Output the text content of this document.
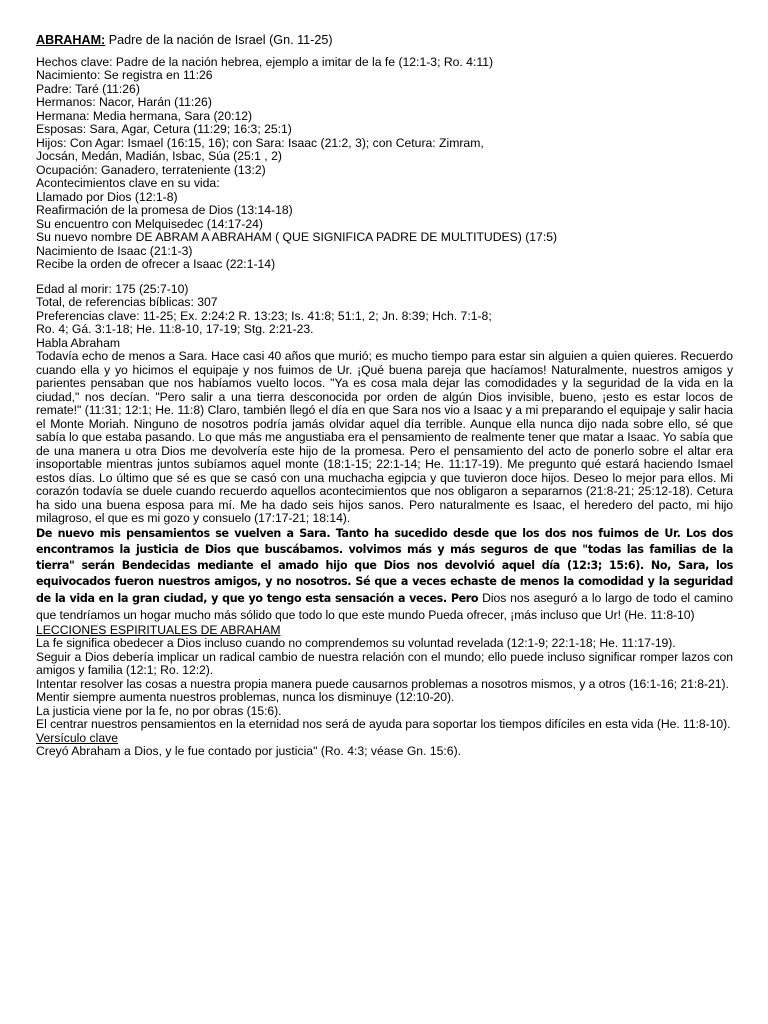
ABRAHAM: Padre de la nación de Israel (Gn. 11-25)
Hechos clave: Padre de la nación hebrea, ejemplo a imitar de la fe (12:1-3; Ro. 4:11)
Nacimiento: Se registra en 11:26
Padre: Taré (11:26)
Hermanos: Nacor, Harán (11:26)
Hermana: Media hermana, Sara (20:12)
Esposas: Sara, Agar, Cetura (11:29; 16:3; 25:1)
Hijos: Con Agar: Ismael (16:15, 16); con Sara: Isaac (21:2, 3); con Cetura: Zimram,
Jocsán, Medán, Madián, Isbac, Súa (25:1 , 2)
Ocupación: Ganadero, terrateniente (13:2)
Acontecimientos clave en su vida:
Llamado por Dios (12:1-8)
Reafirmación de la promesa de Dios (13:14-18)
Su encuentro con Melquisedec (14:17-24)
Su nuevo nombre DE ABRAM A ABRAHAM ( QUE SIGNIFICA PADRE DE MULTITUDES) (17:5)
Nacimiento de Isaac (21:1-3)
Recibe la orden de ofrecer a Isaac (22:1-14)
Edad al morir: 175 (25:7-10)
Total, de referencias bíblicas: 307
Preferencias clave: 11-25; Ex. 2:24:2 R. 13:23; Is. 41:8; 51:1, 2; Jn. 8:39; Hch. 7:1-8;
Ro. 4; Gá. 3:1-18; He. 11:8-10, 17-19; Stg. 2:21-23.
Habla Abraham
Todavía echo de menos a Sara. Hace casi 40 años que murió; es mucho tiempo para estar sin alguien a quien quieres. Recuerdo cuando ella y yo hicimos el equipaje y nos fuimos de Ur. ¡Qué buena pareja que hacíamos! Naturalmente, nuestros amigos y parientes pensaban que nos habíamos vuelto locos. "Ya es cosa mala dejar las comodidades y la seguridad de la vida en la ciudad," nos decían. "Pero salir a una tierra desconocida por orden de algún Dios invisible, bueno, ¡esto es estar locos de remate!" (11:31; 12:1; He. 11:8) Claro, también llegó el día en que Sara nos vio a Isaac y a mi preparando el equipaje y salir hacia el Monte Moriah. Ninguno de nosotros podría jamás olvidar aquel día terrible. Aunque ella nunca dijo nada sobre ello, sé que sabía lo que estaba pasando. Lo que más me angustiaba era el pensamiento de realmente tener que matar a Isaac. Yo sabía que de una manera u otra Dios me devolvería este hijo de la promesa. Pero el pensamiento del acto de ponerlo sobre el altar era insoportable mientras juntos subíamos aquel monte (18:1-15; 22:1-14; He. 11:17-19). Me pregunto qué estará haciendo Ismael estos días. Lo último que sé es que se casó con una muchacha egipcia y que tuvieron doce hijos. Deseo lo mejor para ellos. Mi corazón todavía se duele cuando recuerdo aquellos acontecimientos que nos obligaron a separarnos (21:8-21; 25:12-18). Cetura ha sido una buena esposa para mí. Me ha dado seis hijos sanos. Pero naturalmente es Isaac, el heredero del pacto, mi hijo milagroso, el que es mi gozo y consuelo (17:17-21; 18:14).
De nuevo mis pensamientos se vuelven a Sara. Tanto ha sucedido desde que los dos nos fuimos de Ur. Los dos encontramos la justicia de Dios que buscábamos. volvimos más y más seguros de que "todas las familias de la tierra" serán Bendecidas mediante el amado hijo que Dios nos devolvió aquel día (12:3; 15:6). No, Sara, los equivocados fueron nuestros amigos, y no nosotros. Sé que a veces echaste de menos la comodidad y la seguridad de la vida en la gran ciudad, y que yo tengo esta sensación a veces. Pero Dios nos aseguró a lo largo de todo el camino que tendríamos un hogar mucho más sólido que todo lo que este mundo Pueda ofrecer, ¡más incluso que Ur! (He. 11:8-10)
LECCIONES ESPIRITUALES DE ABRAHAM
La fe significa obedecer a Dios incluso cuando no comprendemos su voluntad revelada (12:1-9; 22:1-18; He. 11:17-19).
Seguir a Dios debería implicar un radical cambio de nuestra relación con el mundo; ello puede incluso significar romper lazos con amigos y familia (12:1; Ro. 12:2).
Intentar resolver las cosas a nuestra propia manera puede causarnos problemas a nosotros mismos, y a otros (16:1-16; 21:8-21).
Mentir siempre aumenta nuestros problemas, nunca los disminuye (12:10-20).
La justicia viene por la fe, no por obras (15:6).
El centrar nuestros pensamientos en la eternidad nos será de ayuda para soportar los tiempos difíciles en esta vida (He. 11:8-10).
Versículo clave
Creyó Abraham a Dios, y le fue contado por justicia" (Ro. 4:3; véase Gn. 15:6).
